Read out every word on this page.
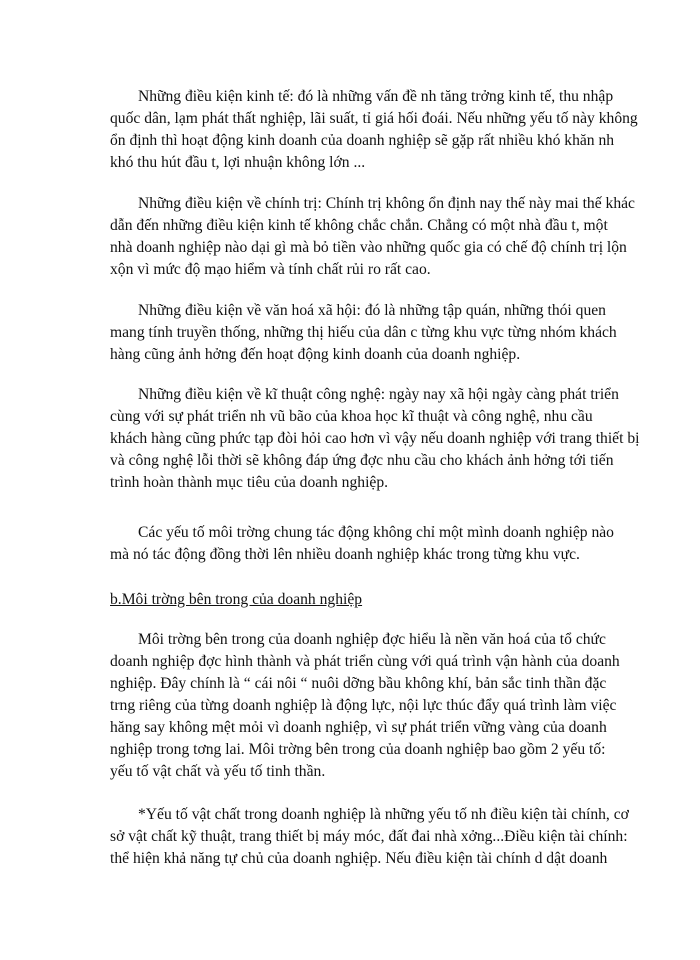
Những điều kiện kinh tế: đó là những vấn đề nh tăng trởng kinh tế, thu nhập
quốc dân, lạm phát thất nghiệp, lãi suất, tỉ giá hối đoái. Nếu những yếu tố này không
ổn định thì hoạt động kinh doanh của doanh nghiệp sẽ gặp rất nhiều khó khăn nh
khó thu hút đầu t, lợi nhuận không lớn ...

Những điều kiện về chính trị: Chính trị không ổn định nay thế này mai thế khác
dẫn đến những điều kiện kinh tế không chắc chắn. Chẳng có một nhà đầu t, một
nhà doanh nghiệp nào dại gì mà bỏ tiền vào những quốc gia có chế độ chính trị lộn
xộn vì mức độ mạo hiểm và tính chất rủi ro rất cao.

Những điều kiện về văn hoá xã hội: đó là những tập quán, những thói quen
mang tính truyền thống, những thị hiếu của dân c từng khu vực từng nhóm khách
hàng cũng ảnh hởng đến hoạt động kinh doanh của doanh nghiệp.

Những điều kiện về kĩ thuật công nghệ: ngày nay xã hội ngày càng phát triển
cùng với sự phát triển nh vũ bão của khoa học kĩ thuật và công nghệ, nhu cầu
khách hàng cũng phức tạp đòi hỏi cao hơn vì vậy nếu doanh nghiệp với trang thiết bị
và công nghệ lỗi thời sẽ không đáp ứng đợc nhu cầu cho khách ảnh hởng tới tiến
trình hoàn thành mục tiêu của doanh nghiệp.

Các yếu tố môi trờng chung tác động không chỉ một mình doanh nghiệp nào
mà nó tác động đồng thời lên nhiều doanh nghiệp khác trong từng khu vực.

b.Môi trờng bên trong của doanh nghiệp

Môi trờng bên trong của doanh nghiệp đợc hiểu là nền văn hoá của tổ chức
doanh nghiệp đợc hình thành và phát triển cùng với quá trình vận hành của doanh
nghiệp. Đây chính là “ cái nôi “ nuôi dỡng bầu không khí, bản sắc tinh thần đặc
trng riêng của từng doanh nghiệp là động lực, nội lực thúc đẩy quá trình làm việc
hăng say không mệt mỏi vì doanh nghiệp, vì sự phát triển vững vàng của doanh
nghiệp trong tơng lai. Môi trờng bên trong của doanh nghiệp bao gồm 2 yếu tố:
yếu tố vật chất và yếu tố tinh thần.

*Yếu tố vật chất trong doanh nghiệp là những yếu tố nh điều kiện tài chính, cơ
sở vật chất kỹ thuật, trang thiết bị máy móc, đất đai nhà xởng...Điều kiện tài chính:
thể hiện khả năng tự chủ của doanh nghiệp. Nếu điều kiện tài chính d dật doanh
